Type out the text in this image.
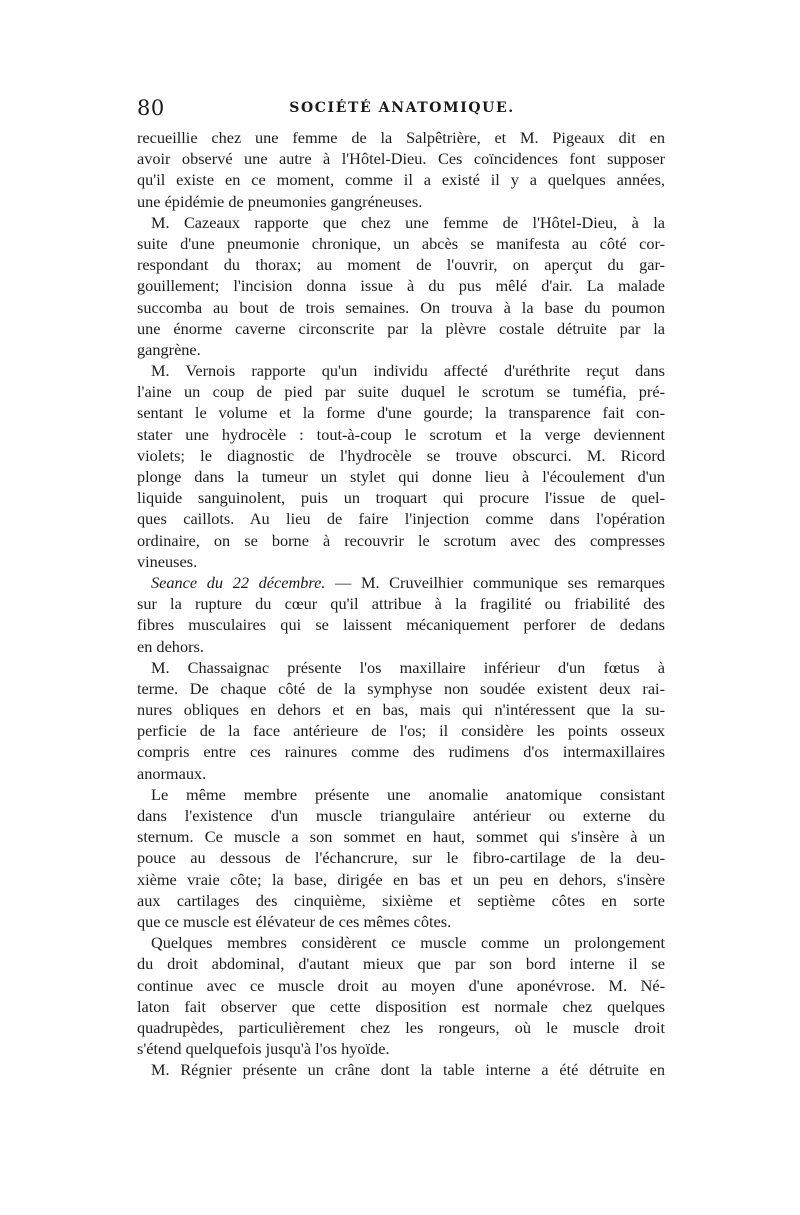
80	SOCIÉTÉ ANATOMIQUE.
recueillie chez une femme de la Salpêtrière, et M. Pigeaux dit en
avoir observé une autre à l'Hôtel-Dieu. Ces coïncidences font supposer
qu'il existe en ce moment, comme il a existé il y a quelques années,
une épidémie de pneumonies gangréneuses.
M. Cazeaux rapporte que chez une femme de l'Hôtel-Dieu, à la
suite d'une pneumonie chronique, un abcès se manifesta au côté cor-
respondant du thorax; au moment de l'ouvrir, on aperçut du gar-
gouillement; l'incision donna issue à du pus mêlé d'air. La malade
succomba au bout de trois semaines. On trouva à la base du poumon
une énorme caverne circonscrite par la plèvre costale détruite par la
gangrène.
M. Vernois rapporte qu'un individu affecté d'uréthrite reçut dans
l'aine un coup de pied par suite duquel le scrotum se tuméfia, pré-
sentant le volume et la forme d'une gourde; la transparence fait con-
stater une hydrocèle : tout-à-coup le scrotum et la verge deviennent
violets; le diagnostic de l'hydrocèle se trouve obscurci. M. Ricord
plonge dans la tumeur un stylet qui donne lieu à l'écoulement d'un
liquide sanguinolent, puis un troquart qui procure l'issue de quel-
ques caillots. Au lieu de faire l'injection comme dans l'opération
ordinaire, on se borne à recouvrir le scrotum avec des compresses
vineuses.
Seance du 22 décembre. — M. Cruveilhier communique ses remarques
sur la rupture du cœur qu'il attribue à la fragilité ou friabilité des
fibres musculaires qui se laissent mécaniquement perforer de dedans
en dehors.
M. Chassaignac présente l'os maxillaire inférieur d'un fœtus à
terme. De chaque côté de la symphyse non soudée existent deux rai-
nures obliques en dehors et en bas, mais qui n'intéressent que la su-
perficie de la face antérieure de l'os; il considère les points osseux
compris entre ces rainures comme des rudimens d'os intermaxillaires
anormaux.
Le même membre présente une anomalie anatomique consistant
dans l'existence d'un muscle triangulaire antérieur ou externe du
sternum. Ce muscle a son sommet en haut, sommet qui s'insère à un
pouce au dessous de l'échancrure, sur le fibro-cartilage de la deu-
xième vraie côte; la base, dirigée en bas et un peu en dehors, s'insère
aux cartilages des cinquième, sixième et septième côtes en sorte
que ce muscle est élévateur de ces mêmes côtes.
Quelques membres considèrent ce muscle comme un prolongement
du droit abdominal, d'autant mieux que par son bord interne il se
continue avec ce muscle droit au moyen d'une aponévrose. M. Né-
laton fait observer que cette disposition est normale chez quelques
quadrupèdes, particulièrement chez les rongeurs, où le muscle droit
s'étend quelquefois jusqu'à l'os hyoïde.
M. Régnier présente un crâne dont la table interne a été détruite en
